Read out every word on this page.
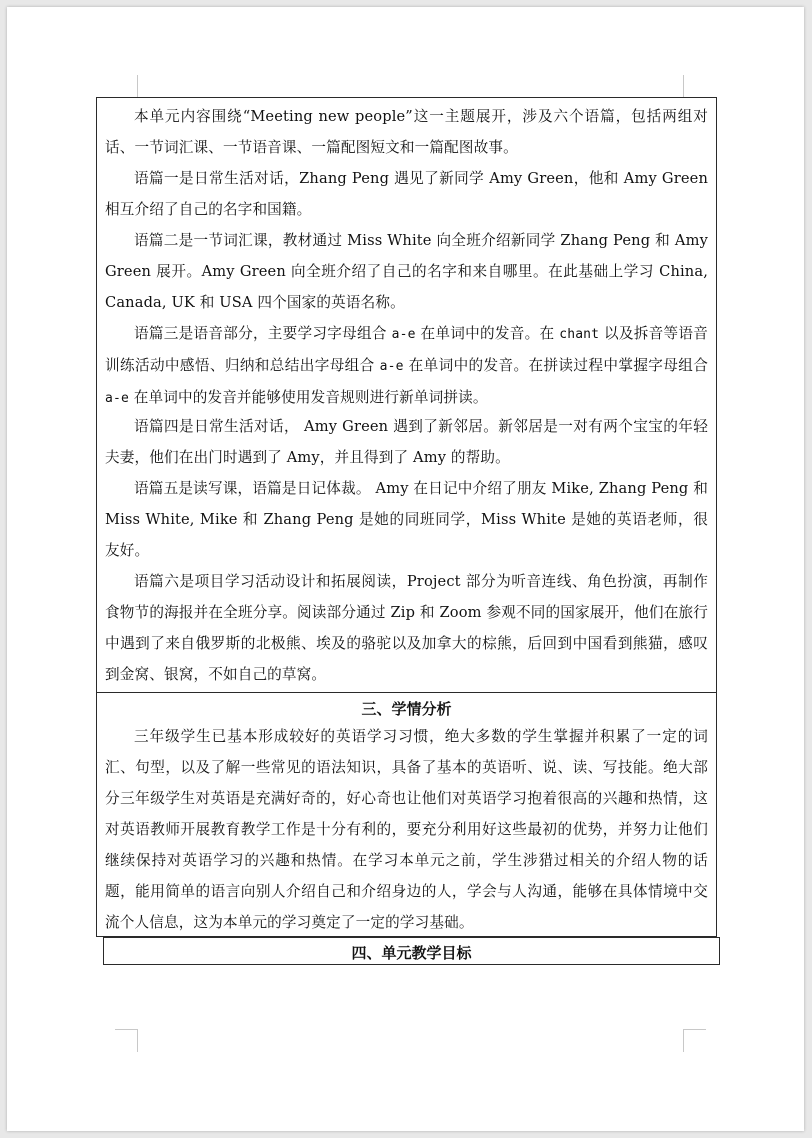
本单元内容围绕“Meeting new people”这一主题展开，涉及六个语篇，包括两组对话、一节词汇课、一节语音课、一篇配图短文和一篇配图故事。

语篇一是日常生活对话，Zhang Peng 遇见了新同学 Amy Green，他和 Amy Green 相互介绍了自己的名字和国籍。

语篇二是一节词汇课，教材通过 Miss White 向全班介绍新同学 Zhang Peng 和 Amy Green 展开。Amy Green 向全班介绍了自己的名字和来自哪里。在此基础上学习 China, Canada, UK 和 USA 四个国家的英语名称。

语篇三是语音部分，主要学习字母组合 a-e 在单词中的发音。在 chant 以及拆音等语音训练活动中感悟、归纳和总结出字母组合 a-e 在单词中的发音。在拼读过程中掌握字母组合 a-e 在单词中的发音并能够使用发音规则进行新单词拼读。

语篇四是日常生活对话， Amy Green 遇到了新邻居。新邻居是一对有两个宝宝的年轻夫妻，他们在出门时遇到了 Amy，并且得到了 Amy 的帮助。

语篇五是读写课，语篇是日记体裁。 Amy 在日记中介绍了朋友 Mike, Zhang Peng 和 Miss White, Mike 和 Zhang Peng 是她的同班同学，Miss White 是她的英语老师，很友好。

语篇六是项目学习活动设计和拓展阅读，Project 部分为听音连线、角色扮演，再制作食物节的海报并在全班分享。阅读部分通过 Zip 和 Zoom 参观不同的国家展开，他们在旅行中遇到了来自俄罗斯的北极熊、埃及的骆驼以及加拿大的棕熊，后回到中国看到熊猫，感叹到金窝、银窝，不如自己的草窝。

三、学情分析

三年级学生已基本形成较好的英语学习习惯，绝大多数的学生掌握并积累了一定的词汇、句型，以及了解一些常见的语法知识，具备了基本的英语听、说、读、写技能。绝大部分三年级学生对英语是充满好奇的，好心奇也让他们对英语学习抱着很高的兴趣和热情，这对英语教师开展教育教学工作是十分有利的，要充分利用好这些最初的优势，并努力让他们继续保持对英语学习的兴趣和热情。在学习本单元之前，学生涉猎过相关的介绍人物的话题，能用简单的语言向别人介绍自己和介绍身边的人，学会与人沟通，能够在具体情境中交流个人信息，这为本单元的学习奠定了一定的学习基础。

四、单元教学目标
